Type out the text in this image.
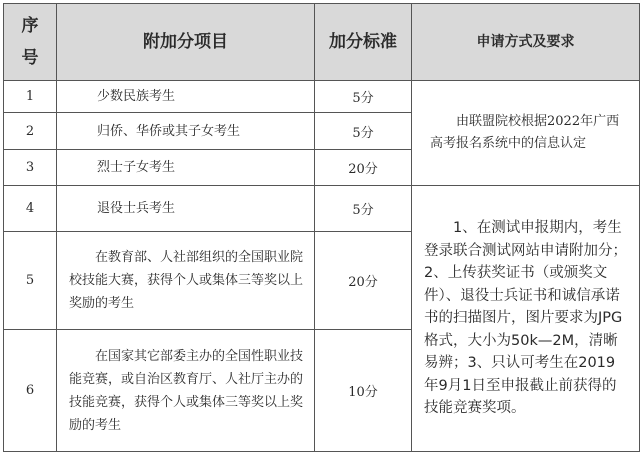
序号	附加分项目	加分标准	申请方式及要求
1	少数民族考生	5分	由联盟院校根据2022年广西高考报名系统中的信息认定
2	归侨、华侨或其子女考生	5分	
3	烈士子女考生	20分	
4	退役士兵考生	5分	1、在测试申报期内，考生登录联合测试网站申请附加分；2、上传获奖证书（或颁奖文件）、退役士兵证书和诚信承诺书的扫描图片，图片要求为JPG格式，大小为50k—2M，清晰易辨；3、只认可考生在2019年9月1日至申报截止前获得的技能竞赛奖项。
5	在教育部、人社部组织的全国职业院校技能大赛，获得个人或集体三等奖以上奖励的考生	20分	
6	在国家其它部委主办的全国性职业技能竞赛，或自治区教育厅、人社厅主办的技能竞赛，获得个人或集体三等奖以上奖励的考生	10分	
